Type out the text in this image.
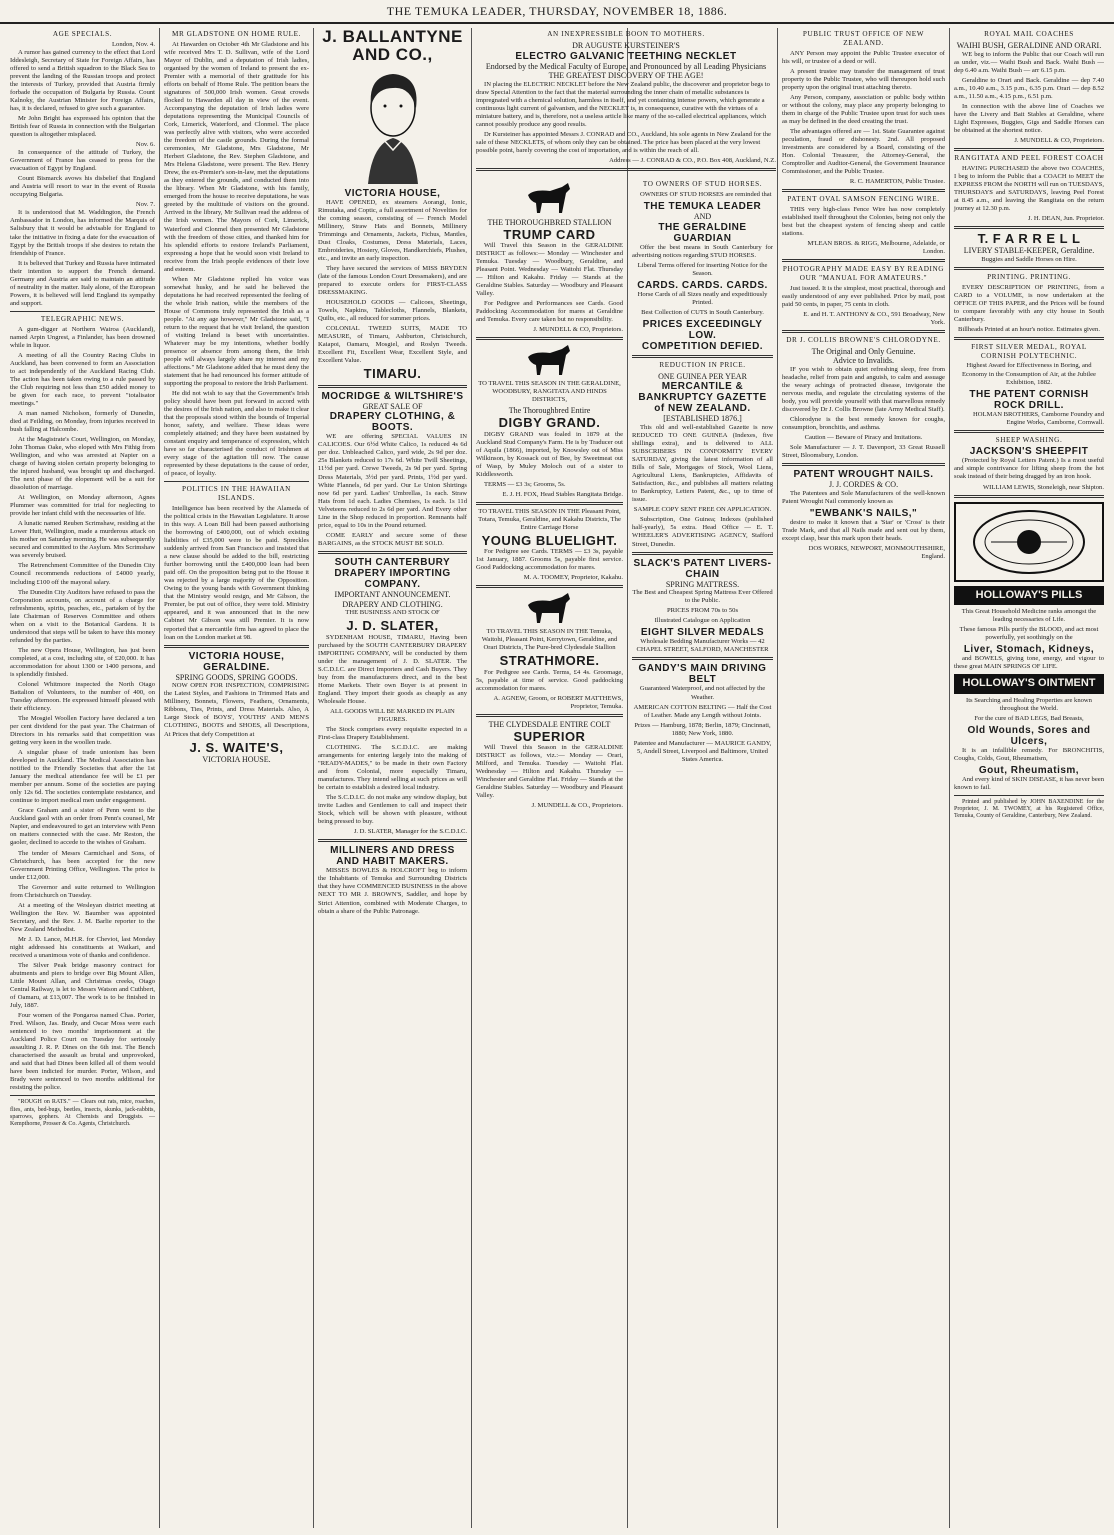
THE TEMUKA LEADER, THURSDAY, NOVEMBER 18, 1886.
AGE SPECIALS.
London, Nov. 4.

A rumor has gained currency to the effect that Lord Iddesleigh, Secretary of State for Foreign Affairs, has offered to send a British squadron to the Black Sea to prevent the landing of the Russian troops and protect the interests of Turkey, provided that Austria firmly forbade the occupation of Bulgaria by Russia. Count Kalnoky, the Austrian Minister for Foreign Affairs, has, it is declared, refused to give such a guarantee.

Mr John Bright has expressed his opinion that the British fear of Russia in connection with the Bulgarian question is altogether misplaced.

Nov. 6.

In consequence of the attitude of Turkey, the Government of France has ceased to press for the evacuation of Egypt by England.

Count Bismarck avows his disbelief that England and Austria will resort to war in the event of Russia occupying Bulgaria.

Nov. 7.

It is understood that M. Waddington, the French Ambassador in London, has informed the Marquis of Salisbury that it would be advisable for England to take the initiative in fixing a date for the evacuation of Egypt by the British troops if she desires to retain the friendship of France.

It is believed that Turkey and Russia have intimated their intention to support the French demand. Germany and Austria are said to maintain an attitude of neutrality in the matter. Italy alone, of the European Powers, it is believed will lend England its sympathy and support.

TELEGRAPHIC NEWS.

A gum-digger at Northern Wairoa (Auckland), named Arpin Ungrest, a Finlander, has been drowned while in liquor.

A meeting of all the Country Racing Clubs in Auckland, has been convened to form an Association to act independently of the Auckland Racing Club. The action has been taken owing to a rule passed by the Club requiring not less than £50 added money to be given for each race, to prevent "totalisator meetings."

A man named Nicholson, formerly of Dunedin, died at Feilding, on Monday, from injuries received in bush falling at Halcombe.

At the Magistrate's Court, Wellington, on Monday, John Thomas Oake, who eloped with Mrs Fithig from Wellington, and who was arrested at Napier on a charge of having stolen certain property belonging to the injured husband, was brought up and discharged. The next phase of the elopement will be a suit for dissolution of marriage.

At Wellington, on Monday afternoon, Agnes Plummer was committed for trial for neglecting to provide her infant child with the necessaries of life.

A lunatic named Reuben Scrimshaw, residing at the Lower Hutt, Wellington, made a murderous attack on his mother on Saturday morning. He was subsequently secured and committed to the Asylum. Mrs Scrimshaw was severely bruised.

The Retrenchment Committee of the Dunedin City Council recommends reductions of £4000 yearly, including £100 off the mayoral salary.

The Dunedin City Auditors have refused to pass the Corporation accounts, on account of a charge for refreshments, spirits, peaches, etc., partaken of by the late Chairman of Reserves Committee and others when on a visit to the Botanical Gardens. It is understood that steps will be taken to have this money refunded by the parties.

The new Opera House, Wellington, has just been completed, at a cost, including site, of £20,000. It has accommodation for about 1300 or 1400 persons, and is splendidly finished.

Colonel Whitmore inspected the North Otago Battalion of Volunteers, to the number of 400, on Tuesday afternoon. He expressed himself pleased with their efficiency.

The Mosgiel Woollen Factory have declared a ten per cent dividend for the past year. The Chairman of Directors in his remarks said that competition was getting very keen in the woollen trade.

A singular phase of trade unionism has been developed in Auckland. The Medical Association has notified to the Friendly Societies that after the 1st January the medical attendance fee will be £1 per member per annum. Some of the societies are paying only 12s 6d. The societies contemplate resistance, and continue to import medical men under engagement.

Grace Graham and a sister of Penn went to the Auckland gaol with an order from Penn's counsel, Mr Napier, and endeavoured to get an interview with Penn on matters connected with the case. Mr Reston, the gaoler, declined to accede to the wishes of Graham.

The tender of Messrs Carmichael and Sons, of Christchurch, has been accepted for the new Government Printing Office, Wellington. The price is under £12,000.

The Governor and suite returned to Wellington from Christchurch on Tuesday.

At a meeting of the Wesleyan district meeting at Wellington the Rev. W. Baumber was appointed Secretary, and the Rev. J. M. Barlie reporter to the New Zealand Methodist.

Mr J. D. Lance, M.H.R. for Cheviot, last Monday night addressed his constituents at Waikari, and received a unanimous vote of thanks and confidence.

The Silver Peak bridge masonry contract for abutments and piers to bridge over Big Mount Allen, Little Mount Allan, and Christmas creeks, Otago Central Railway, is let to Messrs Watson and Cuthbert, of Oamaru, at £13,007. The work is to be finished in July, 1887.

Four women of the Pongaroa named Chas. Porter, Fred. Wilson, Jas. Brady, and Oscar Moss were each sentenced to two months' imprisonment at the Auckland Police Court on Tuesday for seriously assaulting J. R. P. Dines on the 6th inst. The Bench characterised the assault as brutal and unprovoked, and said that had Dines been killed all of them would have been indicted for murder. Porter, Wilson, and Brady were sentenced to two months additional for resisting the police.

"ROUGH on RATS." — Clears out rats, mice, roaches, flies, ants, bed-bugs, beetles, insects, skunks, jack-rabbits, sparrows, gophers. At Chemists and Druggists. — Kempthorne, Prosser & Co. Agents, Christchurch.

MR GLADSTONE ON HOME RULE.

At Hawarden on October 4th Mr Gladstone and his wife received Mrs T. D. Sullivan, wife of the Lord Mayor of Dublin, and a deputation of Irish ladies, organised by the women of Ireland to present the ex-Premier with a memorial of their gratitude for his efforts on behalf of Home Rule. The petition bears the signatures of 500,000 Irish women. Great crowds flocked to Hawarden all day in view of the event. Accompanying the deputation of Irish ladies were deputations representing the Municipal Councils of Cork, Limerick, Waterford, and Clonmel. The place was perfectly alive with visitors, who were accorded the freedom of the castle grounds. During the formal ceremonies, Mr Gladstone, Mrs Gladstone, Mr Herbert Gladstone, the Rev. Stephen Gladstone, and Mrs Helena Gladstone, were present. The Rev. Henry Drew, the ex-Premier's son-in-law, met the deputations as they entered the grounds, and conducted them into the library. When Mr Gladstone, with his family, emerged from the house to receive deputations, he was greeted by the multitude of visitors on the ground. Arrived in the library, Mr Sullivan read the address of the Irish women. The Mayors of Cork, Limerick, Waterford and Clonmel then presented Mr Gladstone with the freedom of those cities, and thanked him for his splendid efforts to restore Ireland's Parliament, expressing a hope that he would soon visit Ireland to receive from the Irish people evidences of their love and esteem.

When Mr Gladstone replied his voice was somewhat husky, and he said he believed the deputations he had received represented the feeling of the whole Irish nation, while the members of the House of Commons truly represented the Irish as a people. "At any age however," Mr Gladstone said, "I return to the request that he visit Ireland, the question of visiting Ireland is beset with uncertainties. Whatever may be my intentions, whether bodily presence or absence from among them, the Irish people will always largely share my interest and my affections." Mr Gladstone added that he must deny the statement that he had renounced his former attitude of supporting the proposal to restore the Irish Parliament.

He did not wish to say that the Government's Irish policy should have been put forward in accord with the desires of the Irish nation, and also to make it clear that the proposals stood within the bounds of Imperial honor, safety, and welfare. These ideas were completely attained; and they have been sustained by constant enquiry and temperance of expression, which have so far characterised the conduct of Irishmen at every stage of the agitation till now. The cause represented by these deputations is the cause of order, of peace, of loyalty.

POLITICS IN THE HAWAIIAN ISLANDS.

Intelligence has been received by the Alameda of the political crisis in the Hawaiian Legislature. It arose in this way. A Loan Bill had been passed authorising the borrowing of £400,000, out of which existing liabilities of £35,000 were to be paid. Spreckles suddenly arrived from San Francisco and insisted that a new clause should be added to the bill, restricting further borrowing until the £400,000 loan had been paid off. On the proposition being put to the House it was rejected by a large majority of the Opposition. Owing to the young bands with Government thinking that the Ministry would resign, and Mr Gibson, the Premier, be put out of office, they were told. Ministry appeared, and it was announced that in the new Cabinet Mr Gibson was still Premier. It is now reported that a mercantile firm has agreed to place the loan on the London market at 98.

VICTORIA HOUSE, GERALDINE.
SPRING GOODS, SPRING GOODS.

NOW OPEN FOR INSPECTION, COMPRISING the Latest Styles, and Fashions in Trimmed Hats and Millinery, Bonnets, Flowers, Feathers, Ornaments, Ribbons, Ties, Prints, and Dress Materials. Also, A Large Stock of BOYS', YOUTHS' AND MEN'S CLOTHING, BOOTS and SHOES, all Descriptions, At Prices that defy Competition at

J. S. WAITE'S,
VICTORIA HOUSE.
J. BALLANTYNE
AND CO.,
VICTORIA HOUSE,

HAVE OPENED, ex steamers Aorangi, Ionic, Rimutaka, and Coptic, a full assortment of Novelties for the coming season, consisting of — French Model Millinery, Straw Hats and Bonnets, Millinery Trimmings and Ornaments, Jackets, Fichus, Mantles, Dust Cloaks, Costumes, Dress Materials, Laces, Embroideries, Hosiery, Gloves, Handkerchiefs, Plushes, etc., and invite an early inspection.

They have secured the services of MISS BRYDEN (late of the famous London Court Dressmakers), and are prepared to execute orders for FIRST-CLASS DRESSMAKING.

HOUSEHOLD GOODS — Calicoes, Sheetings, Towels, Napkins, Tablecloths, Flannels, Blankets, Quilts, etc., all reduced for summer prices.

COLONIAL TWEED SUITS, MADE TO MEASURE, of Timaru, Ashburton, Christchurch, Kaiapoi, Oamaru, Mosgiel, and Roslyn Tweeds. Excellent Fit, Excellent Wear, Excellent Style, and Excellent Value.

TIMARU.
MOCRIDGE & WILTSHIRE'S
GREAT SALE OF
DRAPERY CLOTHING, & BOOTS.

WE are offering SPECIAL VALUES IN CALICOES. Our 6½d White Calico, 1s reduced 4s 6d per doz. Unbleached Calico, yard wide, 2s 9d per doz. 25s Blankets reduced to 17s 6d. White Twill Sheetings, 11½d per yard. Crewe Tweeds, 2s 9d per yard. Spring Dress Materials, 3½d per yard. Prints, 1½d per yard. White Flannels, 6d per yard. Our Le Union Shirtings now 6d per yard. Ladies' Umbrellas, 1s each. Straw Hats from 1d each. Ladies Chemises, 1s each. 1s 11d Velveteens reduced to 2s 6d per yard. And Every other Line in the Shop reduced in proportion. Remnants half price, equal to 10s in the Pound returned.

COME EARLY and secure some of these BARGAINS, as the STOCK MUST BE SOLD.

SOUTH CANTERBURY DRAPERY IMPORTING COMPANY.
IMPORTANT ANNOUNCEMENT.
DRAPERY AND CLOTHING.

THE BUSINESS AND STOCK OF

J. D. SLATER,

SYDENHAM HOUSE, TIMARU, Having been purchased by the SOUTH CANTERBURY DRAPERY IMPORTING COMPANY, will be conducted by them under the management of J. D. SLATER. The S.C.D.I.C. are Direct Importers and Cash Buyers. They buy from the manufacturers direct, and in the best Home Markets. Their own Buyer is at present in England. They import their goods as cheaply as any Wholesale House.

ALL GOODS WILL BE MARKED IN PLAIN FIGURES.

The Stock comprises every requisite expected in a First-class Drapery Establishment.

CLOTHING. The S.C.D.I.C. are making arrangements for entering largely into the making of "READY-MADES," to be made in their own Factory and from Colonial, more especially Timaru, manufactures. They intend selling at such prices as will be certain to establish a desired local industry.

The S.C.D.I.C. do not make any window display, but invite Ladies and Gentlemen to call and inspect their Stock, which will be shown with pleasure, without being pressed to buy.

J. D. SLATER, Manager for the S.C.D.I.C.

MILLINERS AND DRESS AND HABIT MAKERS.

MISSES BOWLES & HOLCROFT beg to inform the Inhabitants of Temuka and Surrounding Districts that they have COMMENCED BUSINESS in the above NEXT TO MR J. BROWN'S, Saddler, and hope by Strict Attention, combined with Moderate Charges, to obtain a share of the Public Patronage.

THE THOROUGHBRED STALLION
TRUMP CARD

Will Travel this Season in the GERALDINE DISTRICT as follows:— Monday — Winchester and Temuka. Tuesday — Woodbury, Geraldine, and Pleasant Point. Wednesday — Waitohi Flat. Thursday — Hilton and Kakahu. Friday — Stands at the Geraldine Stables. Saturday — Woodbury and Pleasant Valley.

For Pedigree and Performances see Cards. Good Paddocking Accommodation for mares at Geraldine and Temuka. Every care taken but no responsibility.

J. MUNDELL & CO, Proprietors.

TO TRAVEL THIS SEASON IN THE GERALDINE, WOODBURY, RANGITATA AND HINDS DISTRICTS,

The Thoroughbred Entire
DIGBY GRAND.

DIGBY GRAND was foaled in 1879 at the Auckland Stud Company's Farm. He is by Traducer out of Aquila (1866), imported, by Knowsley out of Miss Wilkinson, by Kossack out of Bee, by Sweetmeat out of Wasp, by Muley Moloch out of a sister to Kiddlesworth.

TERMS — £3 3s; Grooms, 5s.

E. J. H. FOX, Head Stables Rangitata Bridge.

TO TRAVEL THIS SEASON IN THE Pleasant Point, Totara, Temuka, Geraldine, and Kakahu Districts, The Entire Carriage Horse

YOUNG BLUELIGHT.

For Pedigree see Cards. TERMS — £3 3s, payable 1st January, 1887. Grooms 5s, payable first service. Good Paddocking accommodation for mares.

M. A. TOOMEY, Proprietor, Kakahu.

TO TRAVEL THIS SEASON IN THE Temuka, Waitohi, Pleasant Point, Kerrytown, Geraldine, and Orari Districts, The Pure-bred Clydesdale Stallion

STRATHMORE.

For Pedigree see Cards. Terms, £4 4s. Groomage, 5s, payable at time of service. Good paddocking accommodation for mares.

A. AGNEW, Groom, or ROBERT MATTHEWS, Proprietor, Temuka.

THE CLYDESDALE ENTIRE COLT
SUPERIOR

Will Travel this Season in the GERALDINE DISTRICT as follows, viz.:— Monday — Orari, Milford, and Temuka. Tuesday — Waitohi Flat. Wednesday — Hilton and Kakahu. Thursday — Winchester and Geraldine Flat. Friday — Stands at the Geraldine Stables. Saturday — Woodbury and Pleasant Valley.

J. MUNDELL & CO., Proprietors.

TO OWNERS OF STUD HORSES.

OWNERS OF STUD HORSES are reminded that

THE TEMUKA LEADER
AND
THE GERALDINE GUARDIAN

Offer the best means in South Canterbury for advertising notices regarding STUD HORSES.

Liberal Terms offered for inserting Notice for the Season.

CARDS. CARDS. CARDS.

Horse Cards of all Sizes neatly and expeditiously Printed.

Best Collection of CUTS in South Canterbury.

PRICES EXCEEDINGLY LOW.
COMPETITION DEFIED.
REDUCTION IN PRICE.
ONE GUINEA PER YEAR
MERCANTILE & BANKRUPTCY GAZETTE of NEW ZEALAND.
[ESTABLISHED 1876.]

This old and well-established Gazette is now REDUCED TO ONE GUINEA (Indexes, five shillings extra), and is delivered to ALL SUBSCRIBERS IN CONFORMITY EVERY SATURDAY, giving the latest information of all Bills of Sale, Mortgages of Stock, Wool Liens, Agricultural Liens, Bankruptcies, Affidavits of Satisfaction, &c., and publishes all matters relating to Bankruptcy, Letters Patent, &c., up to time of issue.

SAMPLE COPY SENT FREE ON APPLICATION.

Subscription, One Guinea; Indexes (published half-yearly), 5s extra. Head Office — E. T. WHEELER'S ADVERTISING AGENCY, Stafford Street, Dunedin.

SLACK'S PATENT LIVERS-CHAIN
SPRING MATTRESS.

The Best and Cheapest Spring Mattress Ever Offered to the Public.

PRICES FROM 70s to 50s

Illustrated Catalogue on Application

EIGHT SILVER MEDALS

Wholesale Bedding Manufacturer Works — 42 CHAPEL STREET, SALFORD, MANCHESTER

GANDY'S MAIN DRIVING BELT

Guaranteed Waterproof, and not affected by the Weather.

AMERICAN COTTON BELTING — Half the Cost of Leather. Made any Length without Joints.

Prizes — Hamburg, 1878; Berlin, 1879; Cincinnati, 1880; New York, 1880.

Patentee and Manufacturer — MAURICE GANDY, 5, Andell Street, Liverpool and Baltimore, United States America.

PUBLIC TRUST OFFICE OF NEW ZEALAND.

ANY Person may appoint the Public Trustee executor of his will, or trustee of a deed or will.

A present trustee may transfer the management of trust property to the Public Trustee, who will thereupon hold such property upon the original trust attaching thereto.

Any Person, company, association or public body within or without the colony, may place any property belonging to them in charge of the Public Trustee upon trust for such uses as may be defined in the deed creating the trust.

The advantages offered are — 1st. State Guarantee against peculation, fraud or dishonesty. 2nd. All proposed investments are considered by a Board, consisting of the Hon. Colonial Treasurer, the Attorney-General, the Comptroller and Auditor-General, the Government Insurance Commissioner, and the Public Trustee.

R. C. HAMERTON, Public Trustee.

PATENT OVAL SAMSON FENCING WIRE.

THIS very high-class Fence Wire has now completely established itself throughout the Colonies, being not only the best but the cheapest system of fencing sheep and cattle stations.

M'LEAN BROS. & RIGG, Melbourne, Adelaide, or London.

PHOTOGRAPHY MADE EASY BY READING OUR "MANUAL FOR AMATEURS."

Just issued. It is the simplest, most practical, thorough and easily understood of any ever published. Price by mail, post paid 50 cents, in paper, 75 cents in cloth.

E. and H. T. ANTHONY & CO., 591 Broadway, New York.

DR J. COLLIS BROWNE'S CHLORODYNE.
The Original and Only Genuine.
Advice to Invalids.

IF you wish to obtain quiet refreshing sleep, free from headache, relief from pain and anguish, to calm and assuage the weary achings of protracted disease, invigorate the nervous media, and regulate the circulating systems of the body, you will provide yourself with that marvellous remedy discovered by Dr J. Collis Browne (late Army Medical Staff).

Chlorodyne is the best remedy known for coughs, consumption, bronchitis, and asthma.

Caution — Beware of Piracy and Imitations.

Sole Manufacturer — J. T. Davenport, 33 Great Russell Street, Bloomsbury, London.

PATENT WROUGHT NAILS.
J. J. CORDES & CO.

The Patentees and Sole Manufacturers of the well-known Patent Wrought Nail commonly known as

"EWBANK'S NAILS,"

desire to make it known that a 'Star' or 'Cross' is their Trade Mark, and that all Nails made and sent out by them, except clasp, bear this mark upon their heads.

DOS WORKS, NEWPORT, MONMOUTHSHIRE, England.

ROYAL MAIL COACHES
WAIHI BUSH, GERALDINE AND ORARI.

WE beg to inform the Public that our Coach will run as under, viz.— Waihi Bush and Back. Waihi Bush — dep 6.40 a.m. Waihi Bush — arr 6.15 p.m.

Geraldine to Orari and Back. Geraldine — dep 7.40 a.m., 10.40 a.m., 3.15 p.m., 6.35 p.m. Orari — dep 8.52 a.m., 11.50 a.m., 4.15 p.m., 6.51 p.m.

In connection with the above line of Coaches we have the Livery and Bait Stables at Geraldine, where Light Expresses, Buggies, Gigs and Saddle Horses can be obtained at the shortest notice.

J. MUNDELL & CO, Proprietors.

RANGITATA AND PEEL FOREST COACH

HAVING PURCHASED the above two COACHES, I beg to inform the Public that a COACH to MEET the EXPRESS FROM the NORTH will run on TUESDAYS, THURSDAYS and SATURDAYS, leaving Peel Forest at 8.45 a.m., and leaving the Rangitata on the return journey at 12.30 p.m.

J. H. DEAN, Jun. Proprietor.

T. F A R R E L L
LIVERY STABLE-KEEPER, Geraldine.

Buggies and Saddle Horses on Hire.

PRINTING. PRINTING.

EVERY DESCRIPTION OF PRINTING, from a CARD to a VOLUME, is now undertaken at the OFFICE OF THIS PAPER, and the Prices will be found to compare favorably with any city house in South Canterbury.

Billheads Printed at an hour's notice. Estimates given.

FIRST SILVER MEDAL, ROYAL CORNISH POLYTECHNIC.

Highest Award for Effectiveness in Boring, and Economy in the Consumption of Air, at the Jubilee Exhibition, 1882.

THE PATENT CORNISH ROCK DRILL.

HOLMAN BROTHERS, Camborne Foundry and Engine Works, Camborne, Cornwall.

SHEEP WASHING.
JACKSON'S SHEEPFIT

(Protected by Royal Letters Patent.) Is a most useful and simple contrivance for lifting sheep from the hot soak instead of their being dragged by an iron hook.

WILLIAM LEWIS, Stoneleigh, near Shipton.

HOLLOWAY'S PILLS

This Great Household Medicine ranks amongst the leading necessaries of Life.

These famous Pills purify the BLOOD, and act most powerfully, yet soothingly on the

Liver, Stomach, Kidneys,

and BOWELS, giving tone, energy, and vigour to these great MAIN SPRINGS OF LIFE.

HOLLOWAY'S OINTMENT

Its Searching and Healing Properties are known throughout the World.

For the cure of BAD LEGS, Bad Breasts,

Old Wounds, Sores and Ulcers,

It is an infallible remedy. For BRONCHITIS, Coughs, Colds, Gout, Rheumatism,

Gout, Rheumatism,

And every kind of SKIN DISEASE, it has never been known to fail.

Printed and published by JOHN BAXENDINE for the Proprietor, J. M. TWOMEY, at his Registered Office, Temuka, County of Geraldine, Canterbury, New Zealand.

AN INEXPRESSIBLE BOON TO MOTHERS.
DR AUGUSTE KURSTEINER'S
ELECTRO GALVANIC TEETHING NECKLET
Endorsed by the Medical Faculty of Europe, and Pronounced by all Leading Physicians
THE GREATEST DISCOVERY OF THE AGE!

IN placing the ELECTRIC NECKLET before the New Zealand public, the discoverer and proprietor begs to draw Special Attention to the fact that the material surrounding the inner chain of metallic substances is impregnated with a chemical solution, harmless in itself, and yet containing intense powers, which generate a continuous light current of galvanism, and the NECKLET is, in consequence, curative with the virtues of a miniature battery, and is, therefore, not a useless article like many of the so-called electrical appliances, which cannot possibly produce any good results.

Dr Kursteiner has appointed Messrs J. CONRAD and CO., Auckland, his sole agents in New Zealand for the sale of these NECKLETS, of whom only they can be obtained. The price has been placed at the very lowest possible point, barely covering the cost of importation, and is within the reach of all.

Address — J. CONRAD & CO., P.O. Box 408, Auckland, N.Z.
